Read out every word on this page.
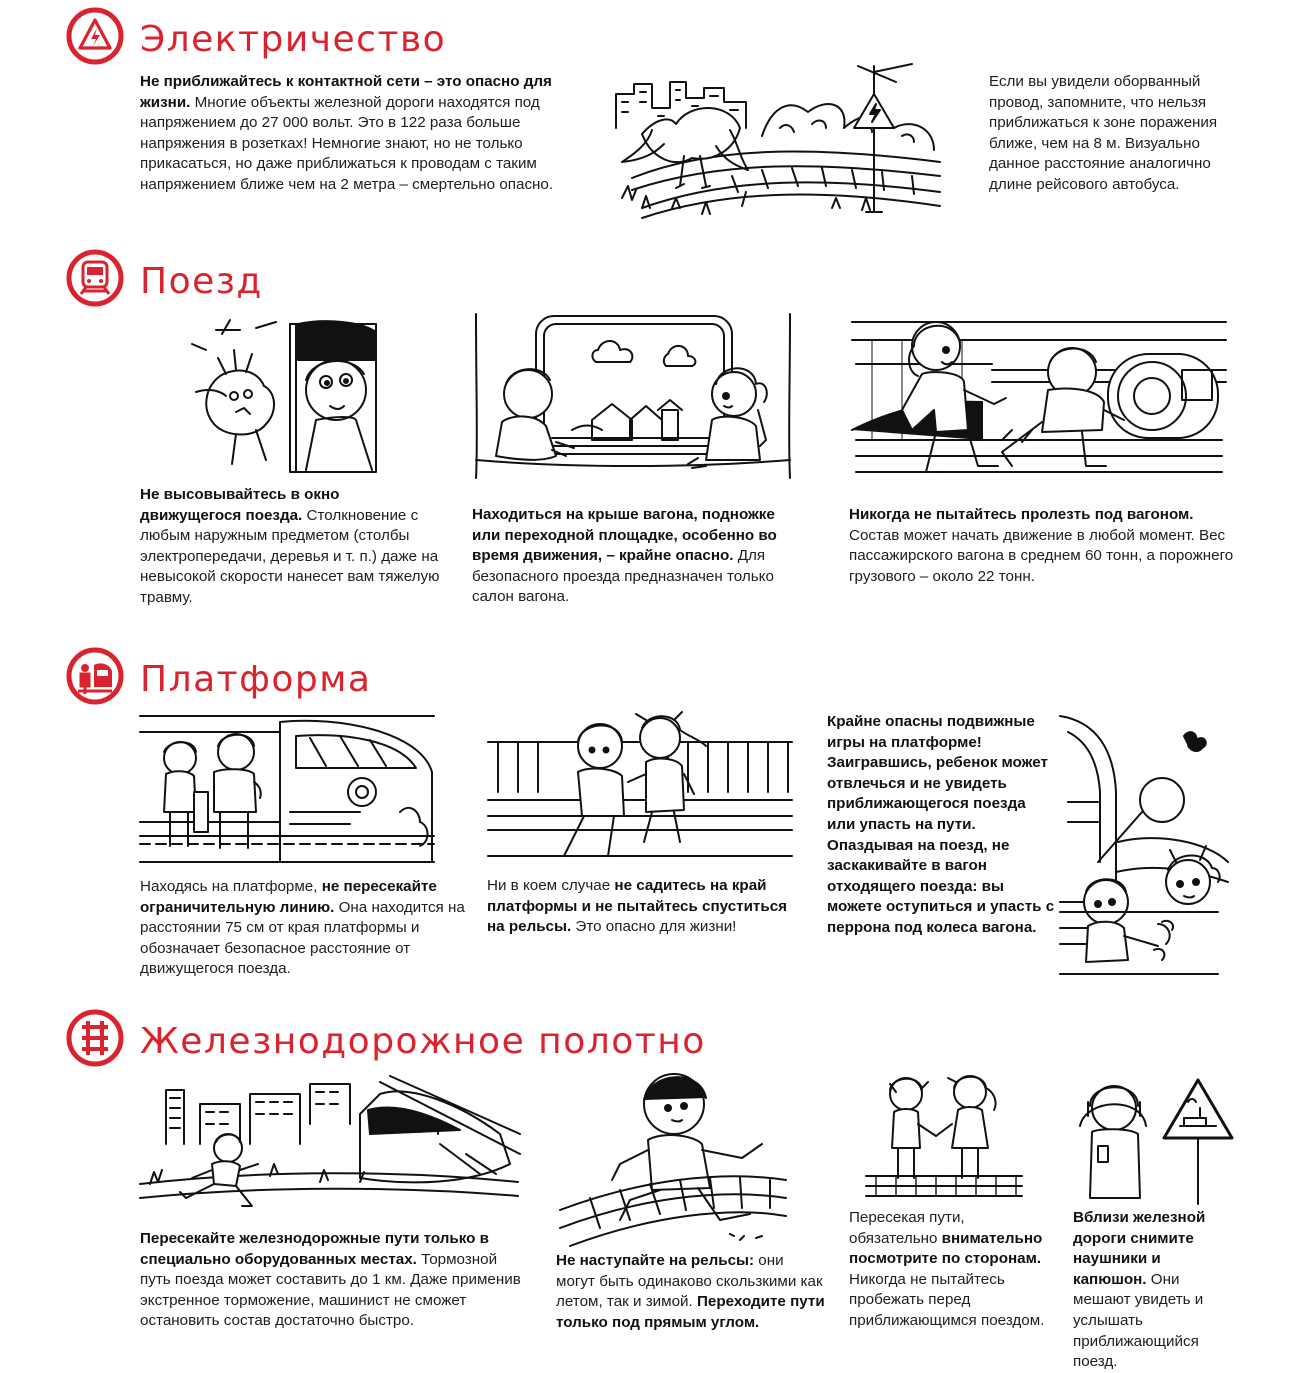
Электричество
Не приближайтесь к контактной сети – это опасно для жизни. Многие объекты железной дороги находятся под напряжением до 27 000 вольт. Это в 122 раза больше напряжения в розетках! Немногие знают, но не только прикасаться, но даже приближаться к проводам с таким напряжением ближе чем на 2 метра – смертельно опасно.
Если вы увидели оборванный провод, запомните, что нельзя приближаться к зоне поражения ближе, чем на 8 м. Визуально данное расстояние аналогично длине рейсового автобуса.
Поезд
Не высовывайтесь в окно движущегося поезда. Столкновение с любым наружным предметом (столбы электропередачи, деревья и т. п.) даже на невысокой скорости нанесет вам тяжелую травму.
Находиться на крыше вагона, подножке или переходной площадке, особенно во время движения, – крайне опасно. Для безопасного проезда предназначен только салон вагона.
Никогда не пытайтесь пролезть под вагоном. Состав может начать движение в любой момент. Вес пассажирского вагона в среднем 60 тонн, а порожнего грузового – около 22 тонн.
Платформа
Находясь на платформе, не пересекайте ограничительную линию. Она находится на расстоянии 75 см от края платформы и обозначает безопасное расстояние от движущегося поезда.
Ни в коем случае не садитесь на край платформы и не пытайтесь спуститься на рельсы. Это опасно для жизни!
Крайне опасны подвижные игры на платформе! Заигравшись, ребенок может отвлечься и не увидеть приближающегося поезда или упасть на пути. Опаздывая на поезд, не заскакивайте в вагон отходящего поезда: вы можете оступиться и упасть с перрона под колеса вагона.
Железнодорожное полотно
Пересекайте железнодорожные пути только в специально оборудованных местах. Тормозной путь поезда может составить до 1 км. Даже применив экстренное торможение, машинист не сможет остановить состав достаточно быстро.
Не наступайте на рельсы: они могут быть одинаково скользкими как летом, так и зимой. Переходите пути только под прямым углом.
Пересекая пути, обязательно внимательно посмотрите по сторонам. Никогда не пытайтесь пробежать перед приближающимся поездом.
Вблизи железной дороги снимите наушники и капюшон. Они мешают увидеть и услышать приближающийся поезд.
